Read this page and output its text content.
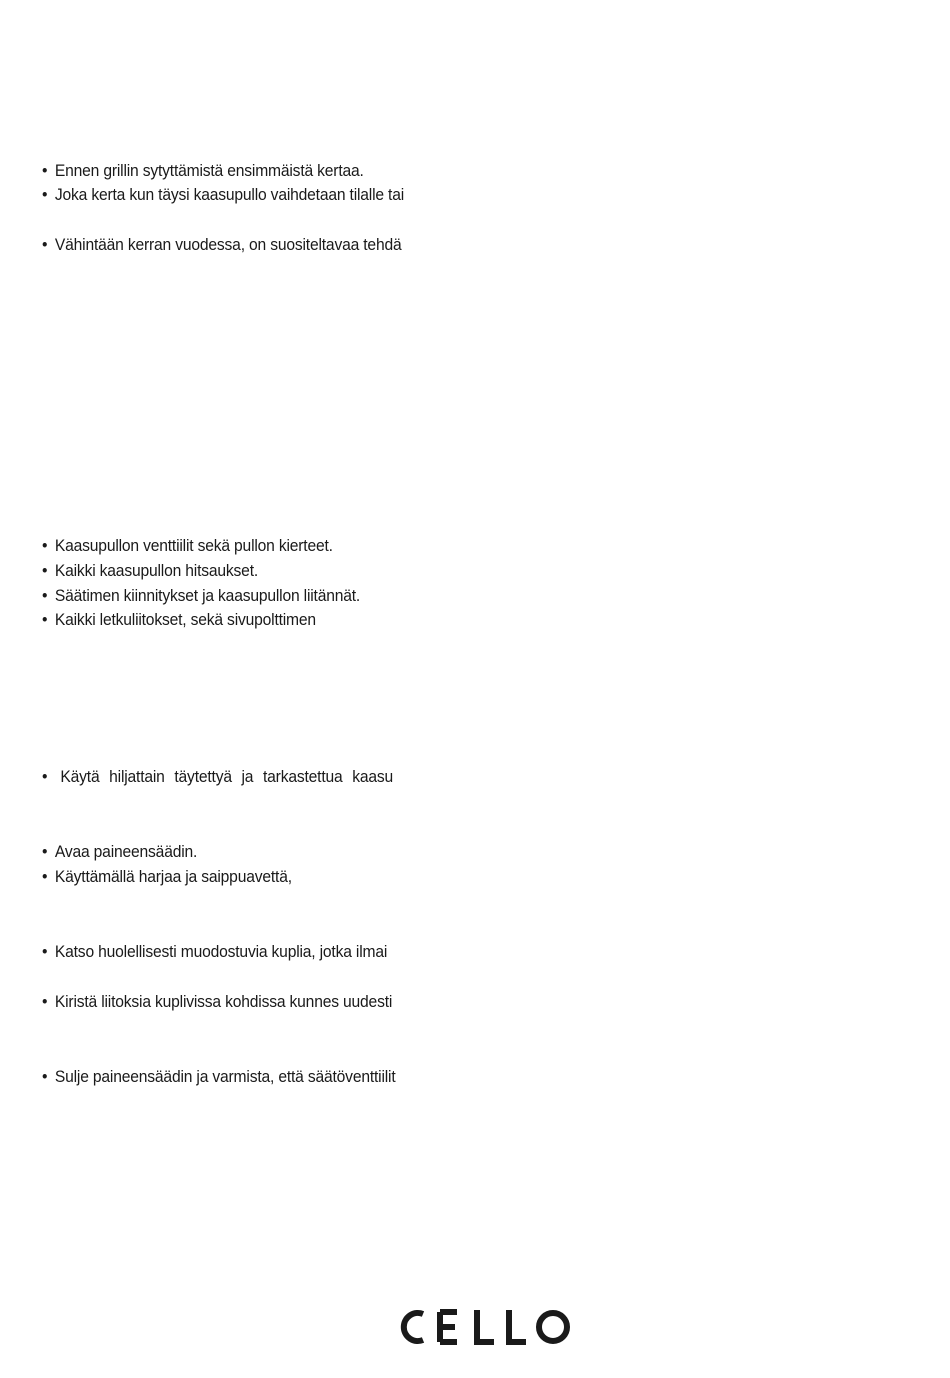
• Ennen grillin sytyttämistä ensimmäistä kertaa.
• Joka kerta kun täysi kaasupullo vaihdetaan tilalle tai
• Vähintään kerran vuodessa, on suositeltavaa tehdä
• Kaasupullon venttiilit sekä pullon kierteet.
• Kaikki kaasupullon hitsaukset.
• Säätimen kiinnitykset ja kaasupullon liitännät.
• Kaikki letkuliitokset, sekä sivupolttimen
• Käytä hiljattain täytettyä ja tarkastettua kaasu
• Avaa paineensäädin.
• Käyttämällä harjaa ja saippuavettä,
• Katso huolellisesti muodostuvia kuplia, jotka ilmai
• Kiristä liitoksia kuplivissa kohdissa kunnes uudesti
• Sulje paineensäädin ja varmista, että säätöventtiilit
